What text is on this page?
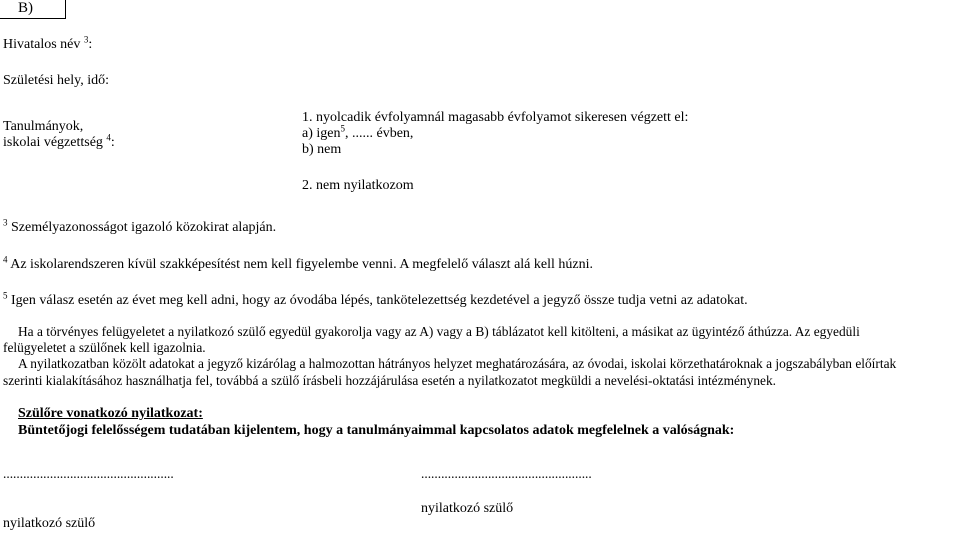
B)
Hivatalos név $^3$:
Születési hely, idő:
Tanulmányok,
iskolai végzettség $^4$:
1. nyolcadik évfolyamnál magasabb évfolyamot sikeresen végzett el:
a) igen$^5$, ...... évben,
b) nem
2. nem nyilatkozom
$^3$ Személyazonosságot igazoló közokirat alapján.
$^4$ Az iskolarendszeren kívül szakképesítést nem kell figyelembe venni. A megfelelő választ alá kell húzni.
$^5$ Igen válasz esetén az évet meg kell adni, hogy az óvodába lépés, tankötelezettség kezdetével a jegyző össze tudja vetni az adatokat.
Ha a törvényes felügyeletet a nyilatkozó szülő egyedül gyakorolja vagy az A) vagy a B) táblázatot kell kitölteni, a másikat az ügyintéző áthúzza. Az egyedüli
felügyeletet a szülőnek kell igazolnia.
A nyilatkozatban közölt adatokat a jegyző kizárólag a halmozottan hátrányos helyzet meghatározására, az óvodai, iskolai körzethatároknak a jogszabályban előírtak
szerinti kialakításához használhatja fel, továbbá a szülő írásbeli hozzájárulása esetén a nyilatkozatot megküldi a nevelési-oktatási intézménynek.
Szülőre vonatkozó nyilatkozat:
Büntetőjogi felelősségem tudatában kijelentem, hogy a tanulmányaimmal kapcsolatos adatok megfelelnek a valóságnak:
...................................................	...................................................
nyilatkozó szülő
nyilatkozó szülő
